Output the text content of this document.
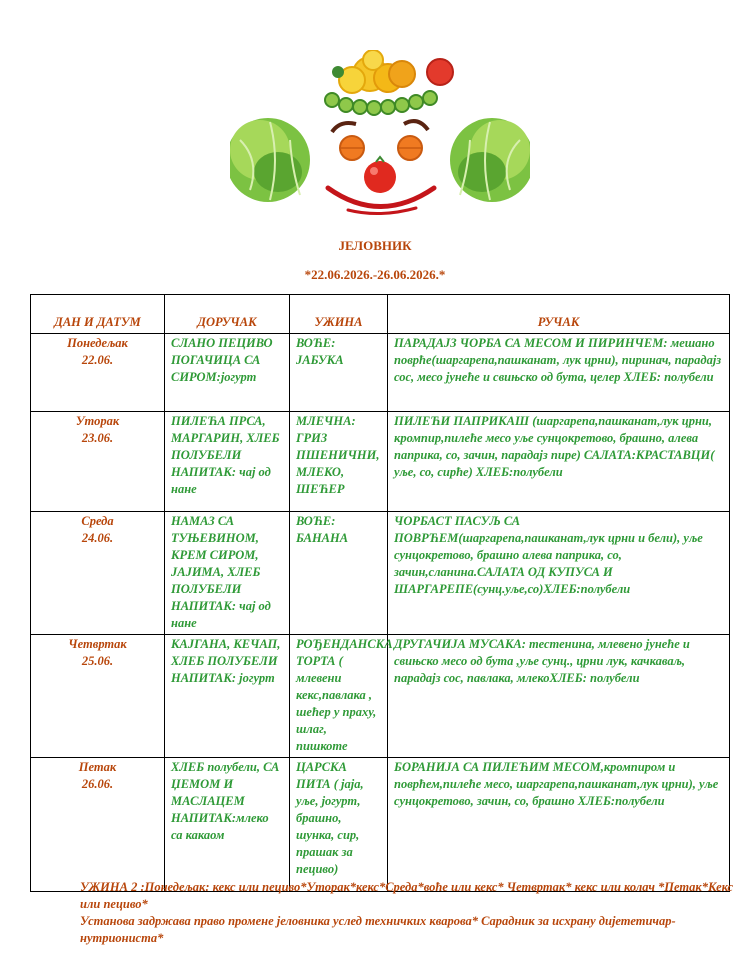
ЈЕЛОВНИК
*22.06.2026.-26.06.2026.*
ДАН И ДАТУМ	ДОРУЧАК	УЖИНА	РУЧАК

Понедељак
22.06.	СЛАНО ПЕЦИВО ПОГАЧИЦА СА СИРОМ:јогурт	ВОЋЕ: ЈАБУКА	ПАРАДАЈЗ ЧОРБА СА МЕСОМ И ПИРИНЧЕМ: мешано поврће(шаргарепа,пашканат, лук црни), пиринач, парадајз сос, месо јунеће и свињско од бута, целер ХЛЕБ: полубели

Уторак
23.06.	ПИЛЕЋА ПРСА, МАРГАРИН, ХЛЕБ ПОЛУБЕЛИ НАПИТАК: чај од нане	МЛЕЧНА: ГРИЗ ПШЕНИЧНИ, МЛЕКО, ШЕЋЕР	ПИЛЕЋИ ПАПРИКАШ (шаргарепа,пашканат,лук црни, кромпир,пилеће месо уље сунцокретово, брашно, алева паприка, со, зачин, парадајз пире) САЛАТА:КРАСТАВЦИ( уље, со, сирће) ХЛЕБ:полубели

Среда
24.06.	НАМАЗ СА ТУЊЕВИНОМ, КРЕМ СИРОМ, ЈАЈИМА, ХЛЕБ ПОЛУБЕЛИ НАПИТАК: чај од нане	ВОЋЕ: БАНАНА	ЧОРБАСТ ПАСУЉ СА ПОВРЋЕМ(шаргарепа,пашканат,лук црни и бели), уље сунцокретово, брашно алева паприка, со, зачин,сланина.САЛАТА ОД КУПУСА И ШАРГАРЕПЕ(сунц.уље,со)ХЛЕБ:полубели

Четвртак
25.06.	КАЈГАНА, КЕЧАП, ХЛЕБ ПОЛУБЕЛИ НАПИТАК: јогурт	РОЂЕНДАНСКА ТОРТА ( млевени кекс,павлака , шећер у праху, шлаг, пишкоте	ДРУГАЧИЈА МУСАКА: тестенина, млевено јунеће и свињско месо од бута ,уље сунц., црни лук, качкаваљ, парадајз сос, павлака, млекоХЛЕБ: полубели

Петак
26.06.	ХЛЕБ полубели, СА ЏЕМОМ И МАСЛАЦЕМ НАПИТАК:млеко са какаом	ЦАРСКА ПИТА ( јаја, уље, јогурт, брашно, шунка, сир, прашак за пециво)	БОРАНИЈА СА ПИЛЕЋИМ МЕСОМ,кромпиром и поврћем,пилеће месо, шаргарепа,пашканат,лук црни), уље сунцокретово, зачин, со, брашно ХЛЕБ:полубели
УЖИНА 2 :Понедељак: кекс или пециво*Уторак*кекс*Среда*воће или кекс* Четвртак* кекс или колач *Петак*Кекс или пециво*
Установа задржава право промене јеловника услед техничких кварова* Сарадник за исхрану дијететичар-нутриониста*
